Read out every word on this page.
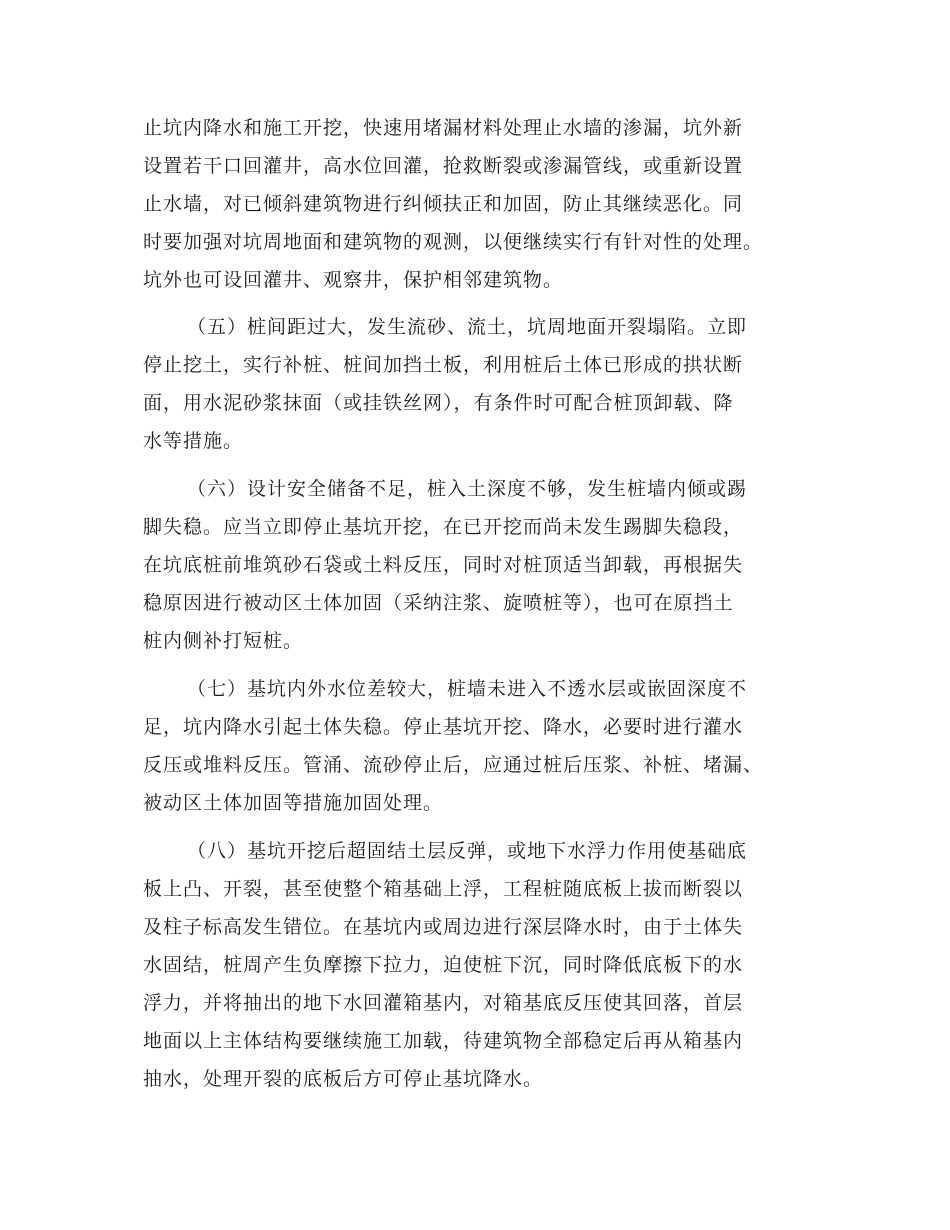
止坑内降水和施工开挖，快速用堵漏材料处理止水墙的渗漏，坑外新
设置若干口回灌井，高水位回灌，抢救断裂或渗漏管线，或重新设置
止水墙，对已倾斜建筑物进行纠倾扶正和加固，防止其继续恶化。同
时要加强对坑周地面和建筑物的观测，以便继续实行有针对性的处理。
坑外也可设回灌井、观察井，保护相邻建筑物。
（五）桩间距过大，发生流砂、流土，坑周地面开裂塌陷。立即
停止挖土，实行补桩、桩间加挡土板，利用桩后土体已形成的拱状断
面，用水泥砂浆抹面（或挂铁丝网），有条件时可配合桩顶卸载、降
水等措施。
（六）设计安全储备不足，桩入土深度不够，发生桩墙内倾或踢
脚失稳。应当立即停止基坑开挖，在已开挖而尚未发生踢脚失稳段，
在坑底桩前堆筑砂石袋或土料反压，同时对桩顶适当卸载，再根据失
稳原因进行被动区土体加固（采纳注浆、旋喷桩等），也可在原挡土
桩内侧补打短桩。
（七）基坑内外水位差较大，桩墙未进入不透水层或嵌固深度不
足，坑内降水引起土体失稳。停止基坑开挖、降水，必要时进行灌水
反压或堆料反压。管涌、流砂停止后，应通过桩后压浆、补桩、堵漏、
被动区土体加固等措施加固处理。
（八）基坑开挖后超固结土层反弹，或地下水浮力作用使基础底
板上凸、开裂，甚至使整个箱基础上浮，工程桩随底板上拔而断裂以
及柱子标高发生错位。在基坑内或周边进行深层降水时，由于土体失
水固结，桩周产生负摩擦下拉力，迫使桩下沉，同时降低底板下的水
浮力，并将抽出的地下水回灌箱基内，对箱基底反压使其回落，首层
地面以上主体结构要继续施工加载，待建筑物全部稳定后再从箱基内
抽水，处理开裂的底板后方可停止基坑降水。
